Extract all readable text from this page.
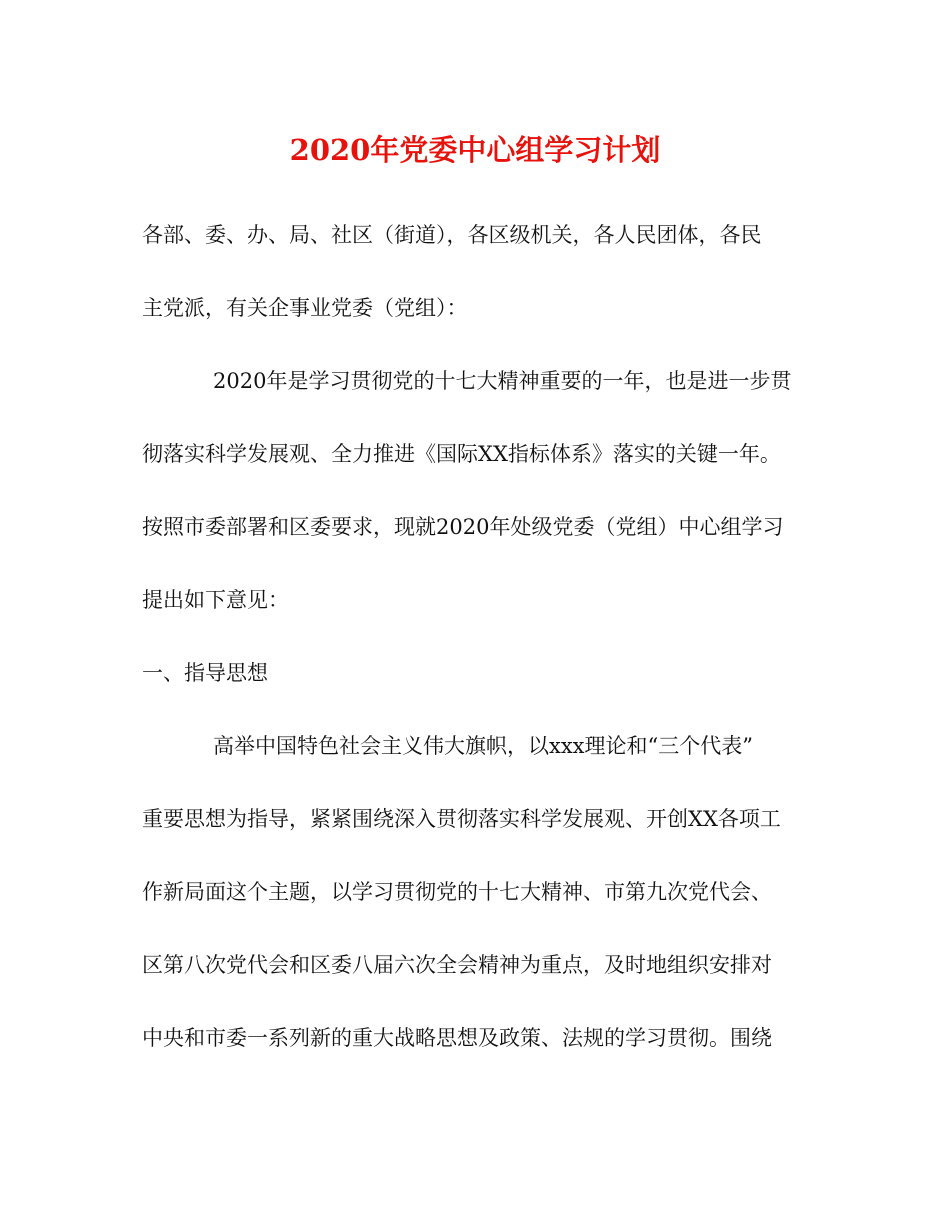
2020年党委中心组学习计划

各部、委、办、局、社区（街道），各区级机关，各人民团体，各民

主党派，有关企事业党委（党组）：

2020年是学习贯彻党的十七大精神重要的一年，也是进一步贯

彻落实科学发展观、全力推进《国际XX指标体系》落实的关键一年。

按照市委部署和区委要求，现就2020年处级党委（党组）中心组学习

提出如下意见：

一、指导思想

高举中国特色社会主义伟大旗帜，以xxx理论和“三个代表”

重要思想为指导，紧紧围绕深入贯彻落实科学发展观、开创XX各项工

作新局面这个主题，以学习贯彻党的十七大精神、市第九次党代会、

区第八次党代会和区委八届六次全会精神为重点，及时地组织安排对

中央和市委一系列新的重大战略思想及政策、法规的学习贯彻。围绕
